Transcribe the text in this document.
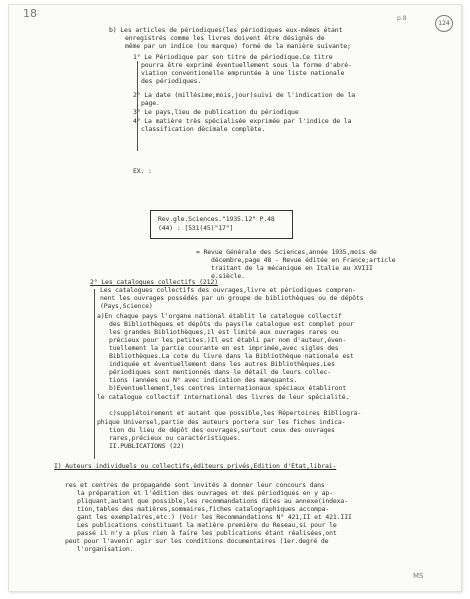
18	p.8
124
b) Les articles de périodiques(les périodiques eux-mêmes étant
enregistrés comme les livres doivent être désignés de
même par un indice (ou marque) formé de la manière suivante;
1° Le Périodique par son titre de périodique.Ce titre
pourra être exprimé éventuellement sous la forme d'abré-
viation conventionelle empruntée à une liste nationale
des périodiques.
2° La date (millésime,mois,jour)suivi de l'indication de la
page.
3° Le pays,lieu de publication du périodique
4° La matière très spécialisée exprimée par l'indice de la
classification décimale complète.
EX. :
Rev.gle.Sciences."1935.12" P.48
(44) : [531(45)"17"]
= Revue Générale des Sciences,année 1935,mois de
décembre,page 48 - Revue éditée en France;article
traitant de la mécanique en Italie au XVIII
e.siècle.
2° Les catalogues collectifs (212)
Les catalogues collectifs des ouvrages,livre et périodiques compren-
nent les ouvrages possédés par un groupe de bibliothèques ou de dépôts
(Pays,Science)
a)En chaque pays l'organe national établit le catalogue collectif
des Bibliothèques et dépôts du pays(le catalogue est complet pour
les grandes Bibliothèques,il est limité aux ouvrages rares ou
précieux pour les petites.)Il est établi par nom d'auteur,éven-
tuellement la partie courante en est imprimée,avec sigles des
Bibliothèques.La cote du livre dans la Bibliothèque nationale est
indiquée et éventuellement dans les autres Bibliothèques.Les
périodiques sont mentionnés dans le détail de leurs collec-
tions (années ou N° avec indication des manquants.
b)Eventuellement,les centres internationaux spéciaux établiront
le catalogue collectif international des livres de leur spécialité.
c)supplétoirement et autant que possible,les Répertoires Bibliogra-
phique Universel,partie des auteurs portera sur les fiches indica-
tion du lieu de dépôt des ouvrages,surtout ceux des ouvrages
rares,précieux ou caractéristiques.
II.PUBLICATIONS (22)
I) Auteurs individuels ou collectifs,éditeurs privés,Edition d'Etat,librai-
res et centres de propagande sont invités à donner leur concours dans
la préparation et l'édition des ouvrages et des périodiques en y ap-
pliquant,autant que possible,les recommandations dites au annexe(indexa-
tion,tables des matières,sommaires,fiches catalographiques accompa-
gant les exemplaires,etc.) (Voir les Recommandations N° 421,II et 421.III
Les publications constituant la matière première du Reseau,si pour le
passé il n'y a plus rien à faire les publications étant réalisées,ont
peut pour l'avenir agir sur les conditions documentaires (1er.degré de
l'organisation.
MS
